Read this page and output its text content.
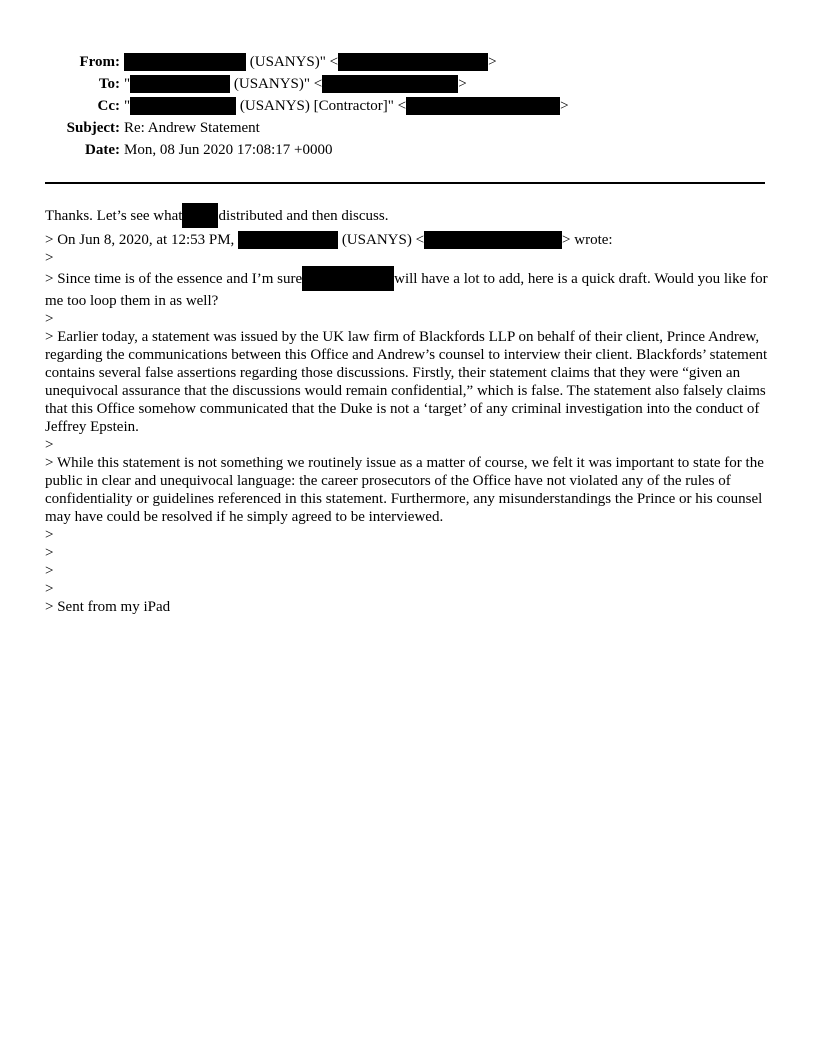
From:	(USANYS)" <	>
To: "	(USANYS)" <	>
Cc: "	(USANYS) [Contractor]" <	>
Subject: Re: Andrew Statement
Date: Mon, 08 Jun 2020 17:08:17 +0000
Thanks. Let’s see what distributed and then discuss.
> On Jun 8, 2020, at 12:53 PM,	(USANYS) <	> wrote:
>
> Since time is of the essence and I’m sure	will have a lot to add, here is a quick draft. Would you like for me too loop them in as well?
>
> Earlier today, a statement was issued by the UK law firm of Blackfords LLP on behalf of their client, Prince Andrew, regarding the communications between this Office and Andrew’s counsel to interview their client. Blackfords’ statement contains several false assertions regarding those discussions. Firstly, their statement claims that they were “given an unequivocal assurance that the discussions would remain confidential,” which is false. The statement also falsely claims that this Office somehow communicated that the Duke is not a ‘target’ of any criminal investigation into the conduct of Jeffrey Epstein.
>
> While this statement is not something we routinely issue as a matter of course, we felt it was important to state for the public in clear and unequivocal language: the career prosecutors of the Office have not violated any of the rules of confidentiality or guidelines referenced in this statement. Furthermore, any misunderstandings the Prince or his counsel may have could be resolved if he simply agreed to be interviewed.
>
>
>
>
> Sent from my iPad
